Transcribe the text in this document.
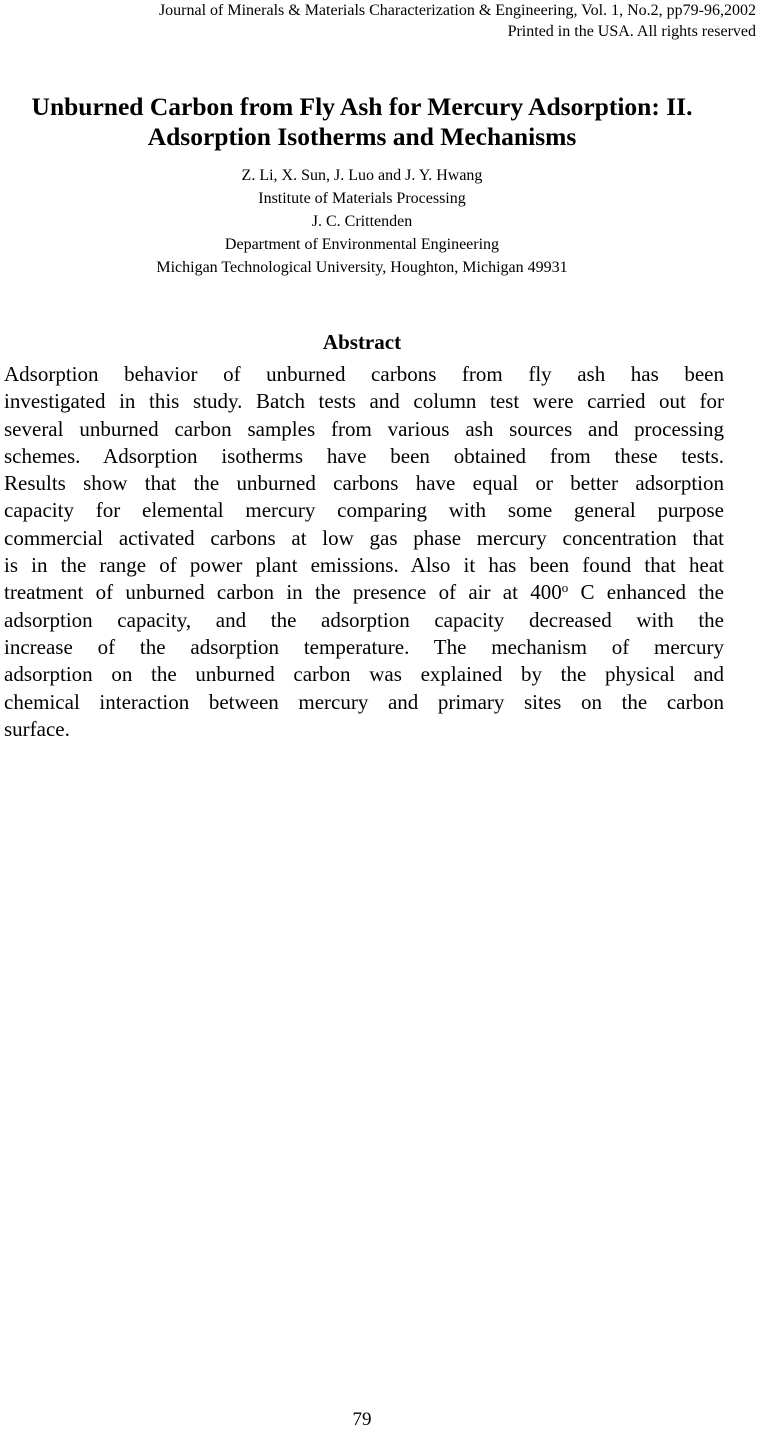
Journal of Minerals & Materials Characterization & Engineering, Vol. 1, No.2, pp79-96,2002
Printed in the USA. All rights reserved
Unburned Carbon from Fly Ash for Mercury Adsorption: II.
Adsorption Isotherms and Mechanisms
Z. Li, X. Sun, J. Luo and J. Y. Hwang
Institute of Materials Processing
J. C. Crittenden
Department of Environmental Engineering
Michigan Technological University, Houghton, Michigan 49931
Abstract
Adsorption behavior of unburned carbons from fly ash has been
investigated in this study. Batch tests and column test were carried out for
several unburned carbon samples from various ash sources and processing
schemes. Adsorption isotherms have been obtained from these tests.
Results show that the unburned carbons have equal or better adsorption
capacity for elemental mercury comparing with some general purpose
commercial activated carbons at low gas phase mercury concentration that
is in the range of power plant emissions. Also it has been found that heat
treatment of unburned carbon in the presence of air at 400$^o$ C enhanced the
adsorption capacity, and the adsorption capacity decreased with the
increase of the adsorption temperature. The mechanism of mercury
adsorption on the unburned carbon was explained by the physical and
chemical interaction between mercury and primary sites on the carbon
surface.
79
